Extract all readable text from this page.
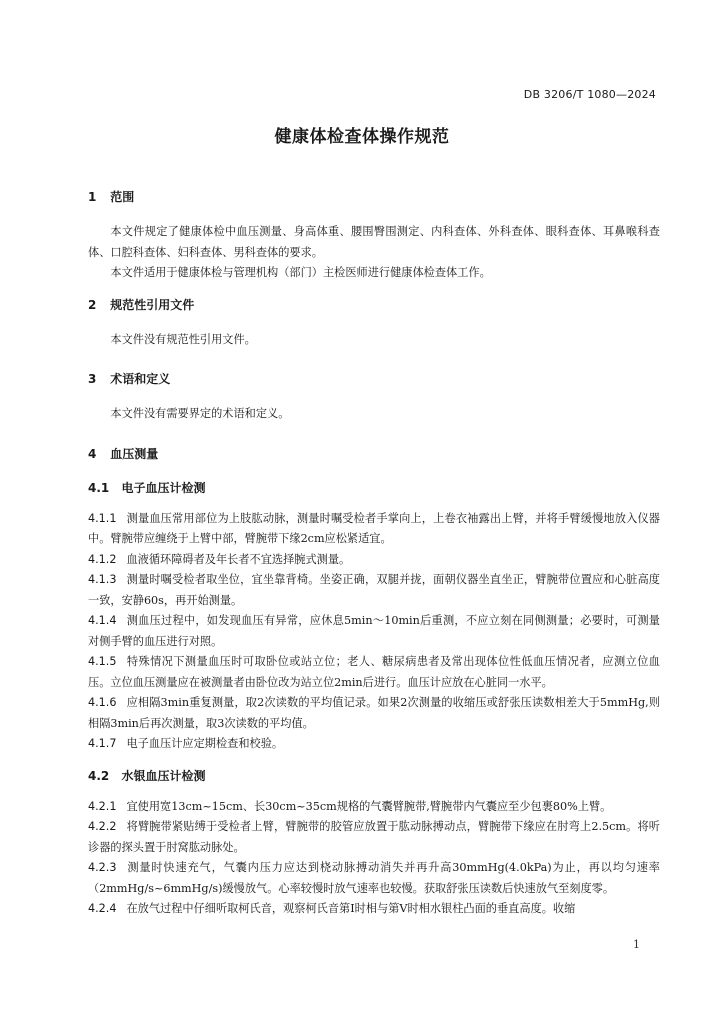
DB 3206/T 1080—2024
健康体检查体操作规范
1 范围

本文件规定了健康体检中血压测量、身高体重、腰围臀围测定、内科查体、外科查体、眼科查体、耳鼻喉科查体、口腔科查体、妇科查体、男科查体的要求。

本文件适用于健康体检与管理机构（部门）主检医师进行健康体检查体工作。

2 规范性引用文件

本文件没有规范性引用文件。

3 术语和定义

本文件没有需要界定的术语和定义。

4 血压测量
4.1 电子血压计检测

4.1.1 测量血压常用部位为上肢肱动脉，测量时嘱受检者手掌向上，上卷衣袖露出上臂，并将手臂缓慢地放入仪器中。臂腕带应缠绕于上臂中部，臂腕带下缘2cm应松紧适宜。

4.1.2 血液循环障碍者及年长者不宜选择腕式测量。

4.1.3 测量时嘱受检者取坐位，宜坐靠背椅。坐姿正确，双腿并拢，面朝仪器坐直坐正，臂腕带位置应和心脏高度一致，安静60s，再开始测量。

4.1.4 测血压过程中，如发现血压有异常，应休息5min～10min后重测，不应立刻在同侧测量；必要时，可测量对侧手臂的血压进行对照。

4.1.5 特殊情况下测量血压时可取卧位或站立位；老人、糖尿病患者及常出现体位性低血压情况者，应测立位血压。立位血压测量应在被测量者由卧位改为站立位2min后进行。血压计应放在心脏同一水平。

4.1.6 应相隔3min重复测量，取2次读数的平均值记录。如果2次测量的收缩压或舒张压读数相差大于5mmHg,则相隔3min后再次测量，取3次读数的平均值。

4.1.7 电子血压计应定期检查和校验。

4.2 水银血压计检测

4.2.1 宜使用宽13cm~15cm、长30cm~35cm规格的气囊臂腕带,臂腕带内气囊应至少包裹80%上臂。

4.2.2 将臂腕带紧贴缚于受检者上臂，臂腕带的胶管应放置于肱动脉搏动点，臂腕带下缘应在肘弯上2.5cm。将听诊器的探头置于肘窝肱动脉处。

4.2.3 测量时快速充气，气囊内压力应达到桡动脉搏动消失并再升高30mmHg(4.0kPa)为止，再以均匀速率（2mmHg/s~6mmHg/s)缓慢放气。心率较慢时放气速率也较慢。获取舒张压读数后快速放气至刻度零。

4.2.4 在放气过程中仔细听取柯氏音，观察柯氏音第Ⅰ时相与第Ⅴ时相水银柱凸面的垂直高度。收缩

1
